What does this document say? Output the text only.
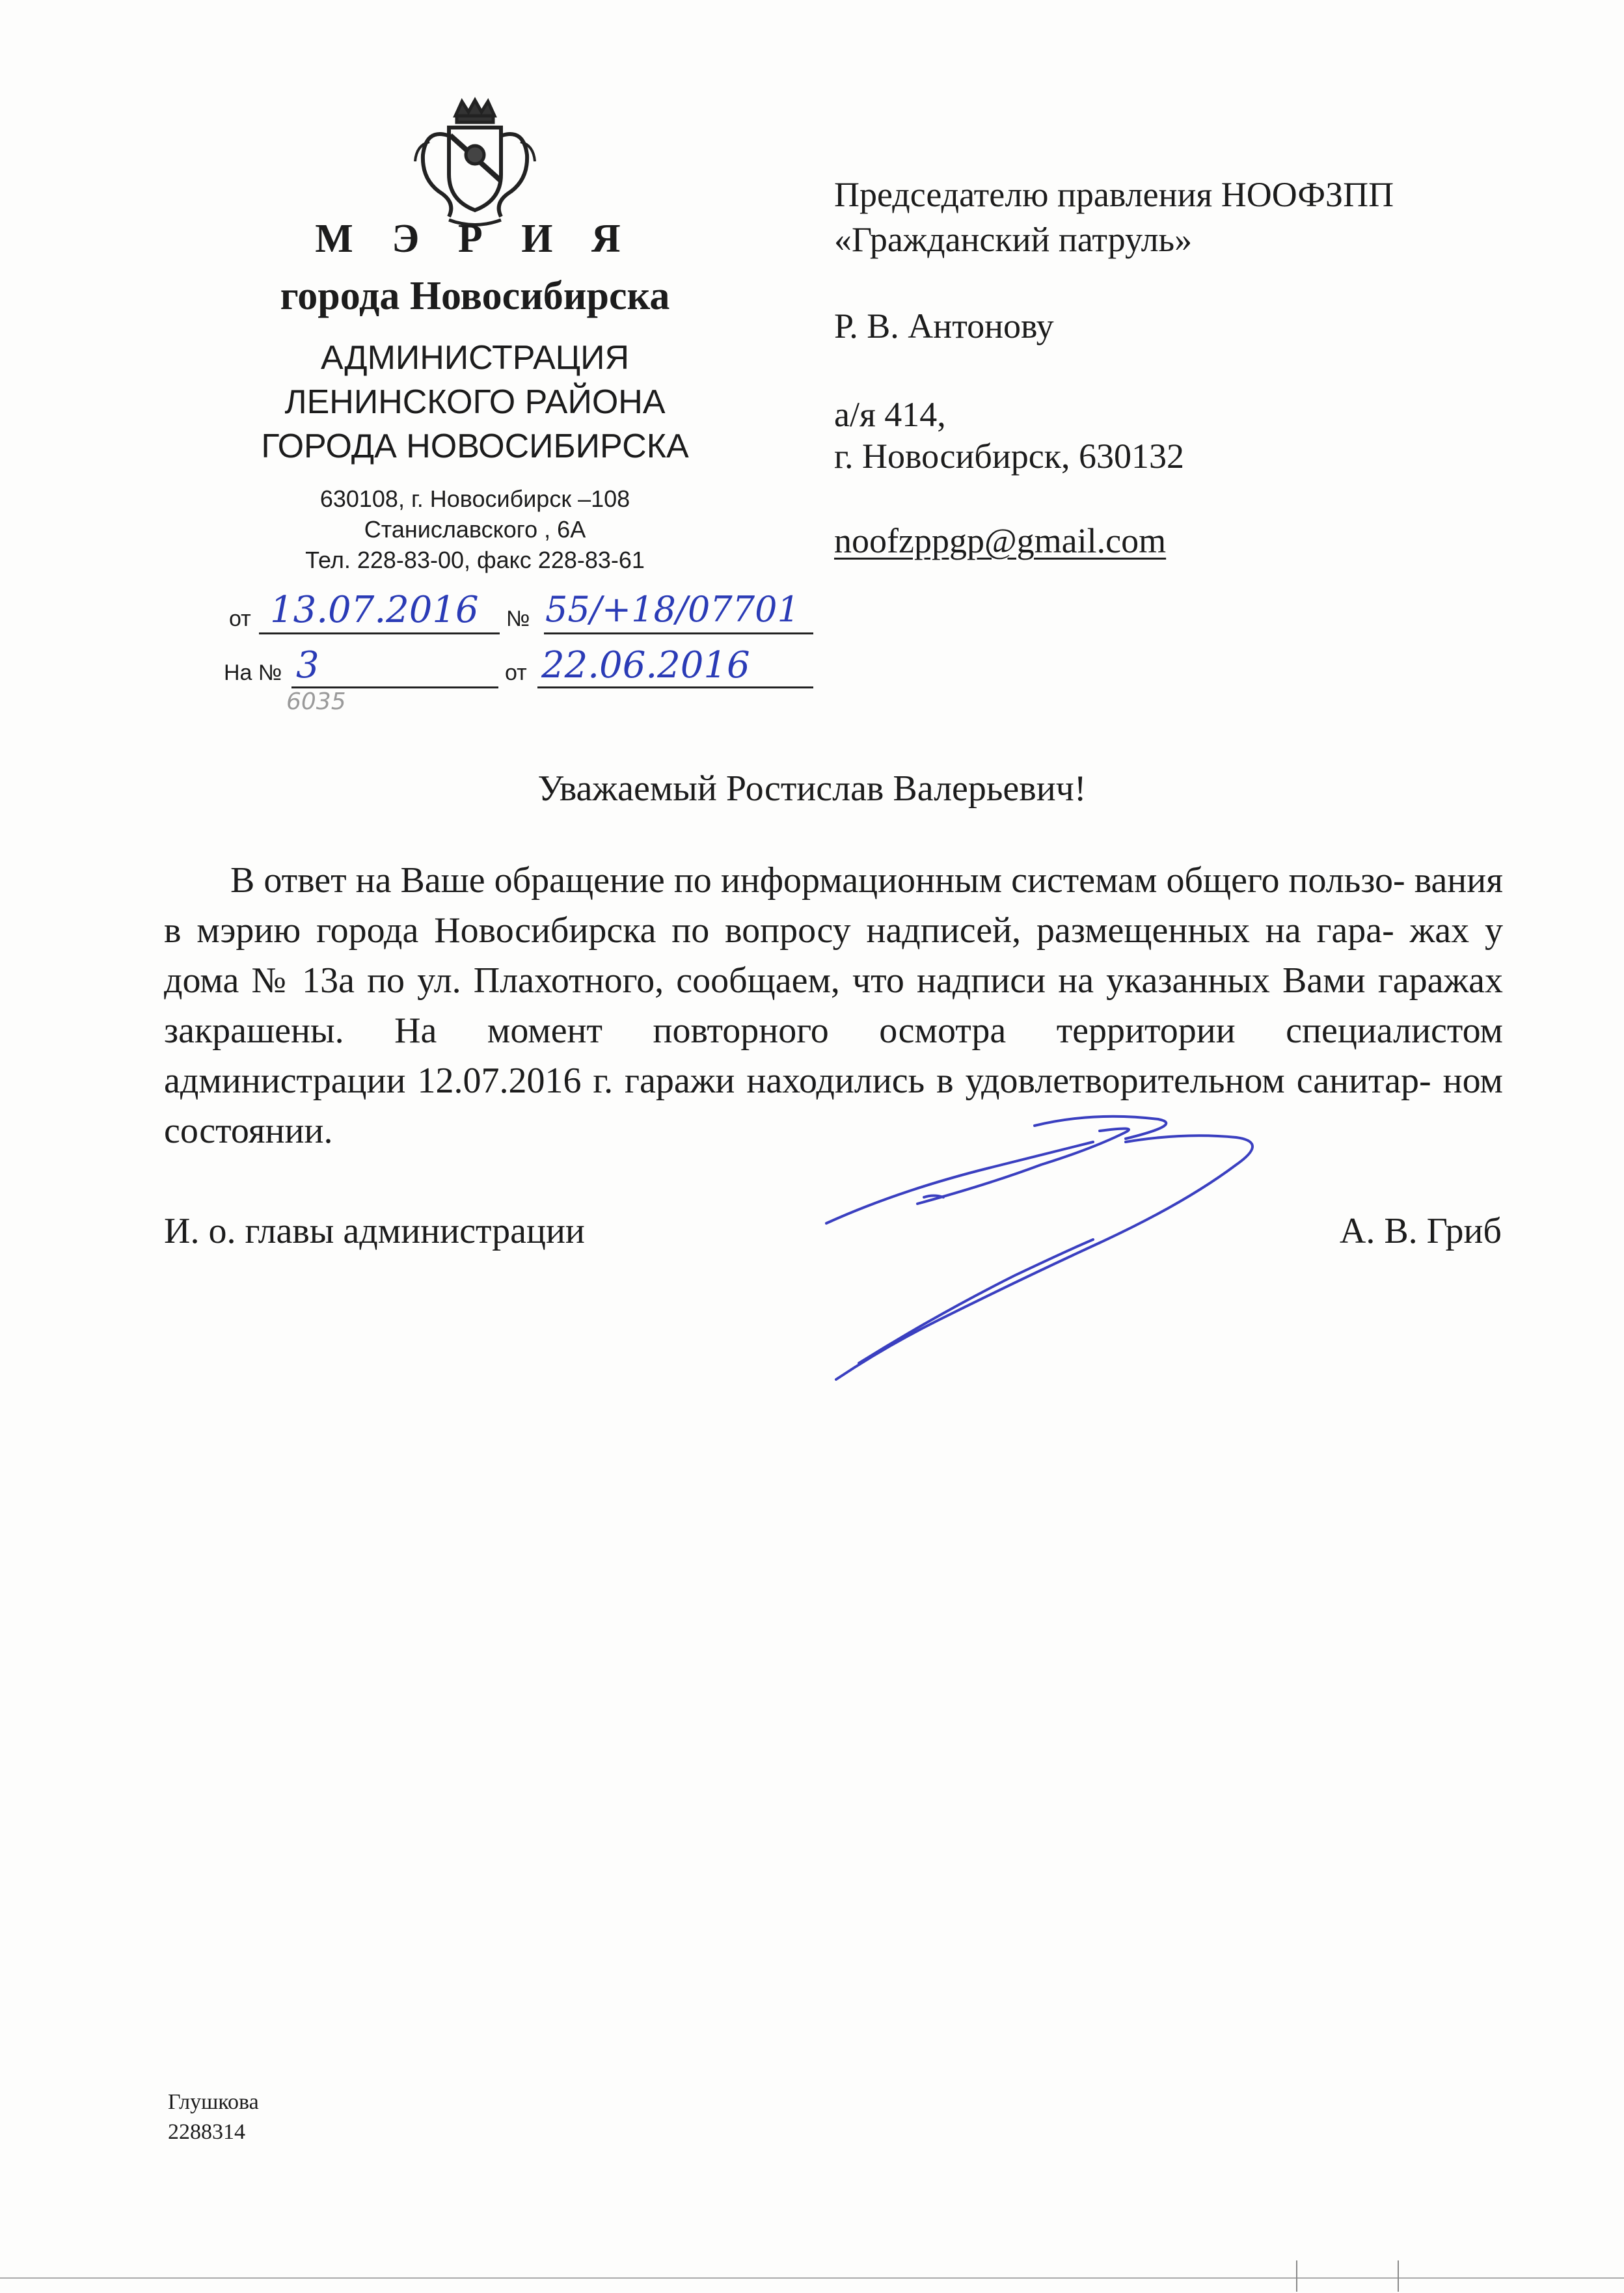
М Э Р И Я
города Новосибирска
АДМИНИСТРАЦИЯ
ЛЕНИНСКОГО РАЙОНА
ГОРОДА НОВОСИБИРСКА
630108, г. Новосибирск –108
Станиславского , 6А
Тел. 228-83-00, факс 228-83-61
от 13.07.2016 № 55/+18/07701
На № 3	от 22.06.2016
6035
Председателю правления НООФЗПП
«Гражданский патруль»
Р. В. Антонову
а/я 414,
г. Новосибирск, 630132
noofzppgp@gmail.com
Уважаемый Ростислав Валерьевич!
В ответ на Ваше обращение по информационным системам общего пользо- вания в мэрию города Новосибирска по вопросу надписей, размещенных на гара- жах у дома № 13а по ул. Плахотного, сообщаем, что надписи на указанных Вами гаражах закрашены. На момент повторного осмотра территории специалистом администрации 12.07.2016 г. гаражи находились в удовлетворительном санитар- ном состоянии.
И. о. главы администрации	А. В. Гриб
Глушкова
2288314
